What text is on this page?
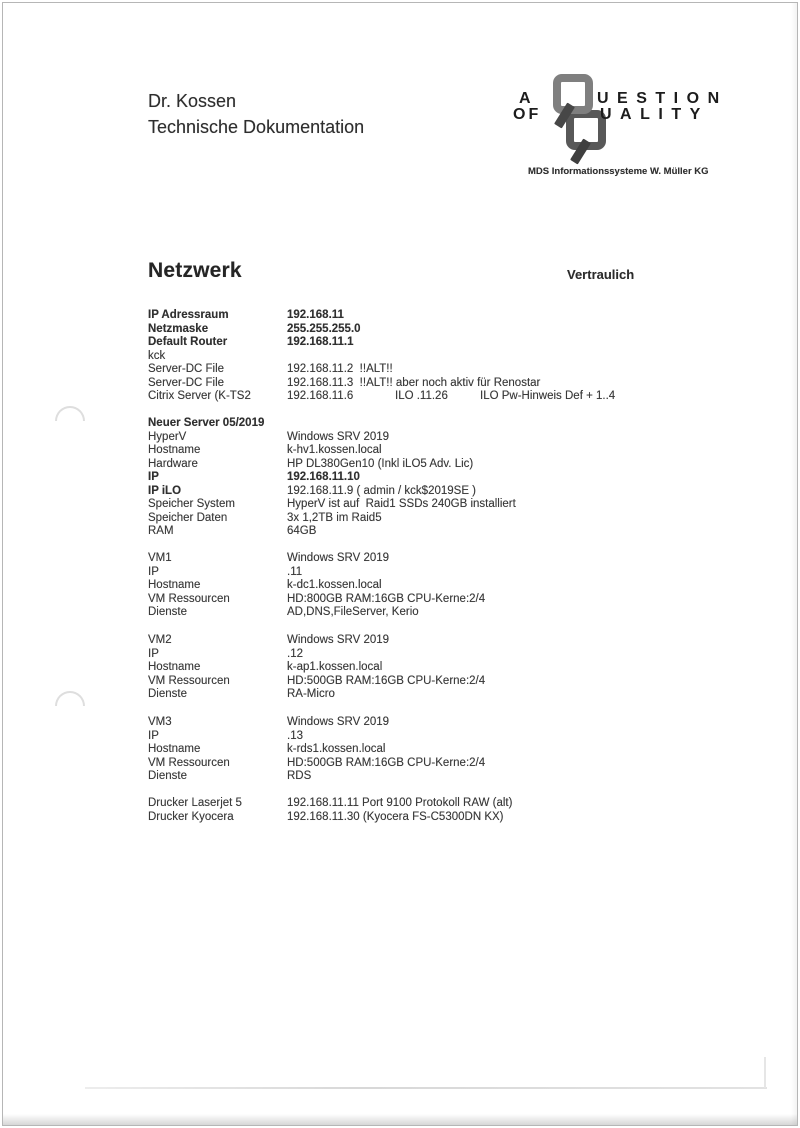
Dr. Kossen
Technische Dokumentation
A	UESTION
OF	UALITY
MDS Informationssysteme W. Müller KG
Netzwerk	Vertraulich
IP Adressraum	192.168.11
Netzmaske	255.255.255.0
Default Router	192.168.11.1
kck
Server-DC File	192.168.11.2  !!ALT!!
Server-DC File	192.168.11.3  !!ALT!! aber noch aktiv für Renostar
Citrix Server (K-TS2	192.168.11.6	ILO .11.26	ILO Pw-Hinweis Def + 1..4
Neuer Server 05/2019
HyperV	Windows SRV 2019
Hostname	k-hv1.kossen.local
Hardware	HP DL380Gen10 (Inkl iLO5 Adv. Lic)
IP	192.168.11.10
IP iLO	192.168.11.9 ( admin / kck$2019SE )
Speicher System	HyperV ist auf  Raid1 SSDs 240GB installiert
Speicher Daten	3x 1,2TB im Raid5
RAM	64GB
VM1	Windows SRV 2019
IP	.11
Hostname	k-dc1.kossen.local
VM Ressourcen	HD:800GB RAM:16GB CPU-Kerne:2/4
Dienste	AD,DNS,FileServer, Kerio
VM2	Windows SRV 2019
IP	.12
Hostname	k-ap1.kossen.local
VM Ressourcen	HD:500GB RAM:16GB CPU-Kerne:2/4
Dienste	RA-Micro
VM3	Windows SRV 2019
IP	.13
Hostname	k-rds1.kossen.local
VM Ressourcen	HD:500GB RAM:16GB CPU-Kerne:2/4
Dienste	RDS
Drucker Laserjet 5	192.168.11.11 Port 9100 Protokoll RAW (alt)
Drucker Kyocera	192.168.11.30 (Kyocera FS-C5300DN KX)
